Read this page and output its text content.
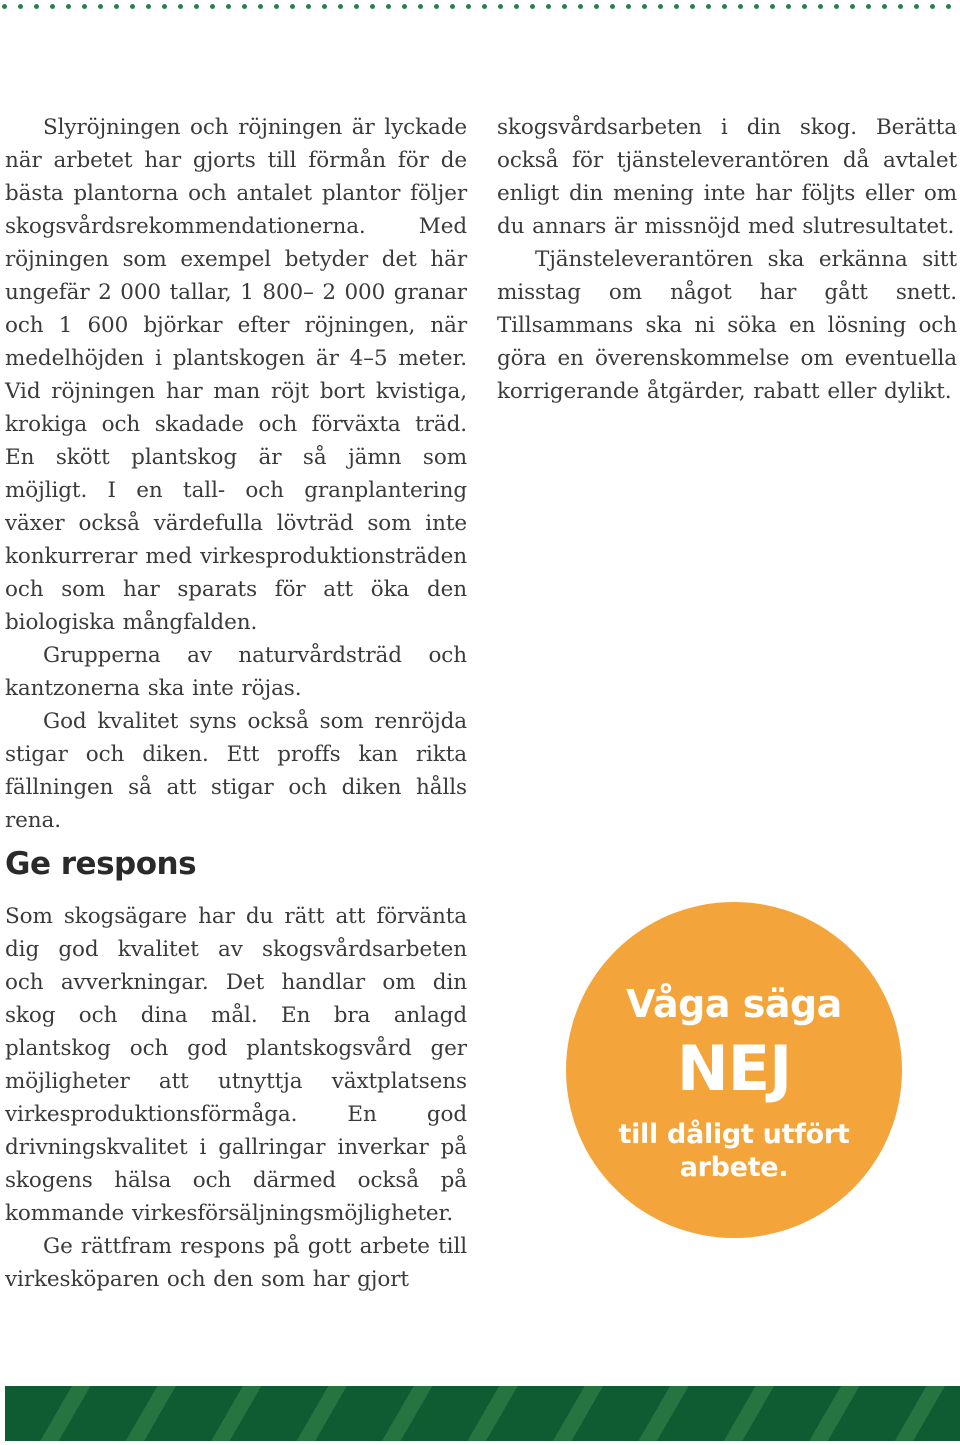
Slyröjningen och röjningen är lyckade när arbetet har gjorts till förmån för de bästa plantorna och antalet plantor följer skogsvårdsrekommendationerna. Med röjningen som exempel betyder det här ungefär 2 000 tallar, 1 800– 2 000 granar och 1 600 björkar efter röjningen, när medelhöjden i plantskogen är 4–5 meter. Vid röjningen har man röjt bort kvistiga, krokiga och skadade och förväxta träd. En skött plantskog är så jämn som möjligt. I en tall- och granplantering växer också värdefulla lövträd som inte konkurrerar med virkesproduktionsträden och som har sparats för att öka den biologiska mångfalden.

Grupperna av naturvårdsträd och kantzonerna ska inte röjas.

God kvalitet syns också som renröjda stigar och diken. Ett proffs kan rikta fällningen så att stigar och diken hålls rena.

skogsvårdsarbeten i din skog. Berätta också för tjänsteleverantören då avtalet enligt din mening inte har följts eller om du annars är missnöjd med slutresultatet.

Tjänsteleverantören ska erkänna sitt misstag om något har gått snett. Tillsammans ska ni söka en lösning och göra en överenskommelse om eventuella korrigerande åtgärder, rabatt eller dylikt.

Ge respons

Som skogsägare har du rätt att förvänta dig god kvalitet av skogsvårdsarbeten och avverkningar. Det handlar om din skog och dina mål. En bra anlagd plantskog och god plantskogsvård ger möjligheter att utnyttja växtplatsens virkesproduktionsförmåga. En god drivningskvalitet i gallringar inverkar på skogens hälsa och därmed också på kommande virkesförsäljningsmöjligheter.

Ge rättfram respons på gott arbete till virkesköparen och den som har gjort

Våga säga
NEJ
till dåligt utfört arbete.
